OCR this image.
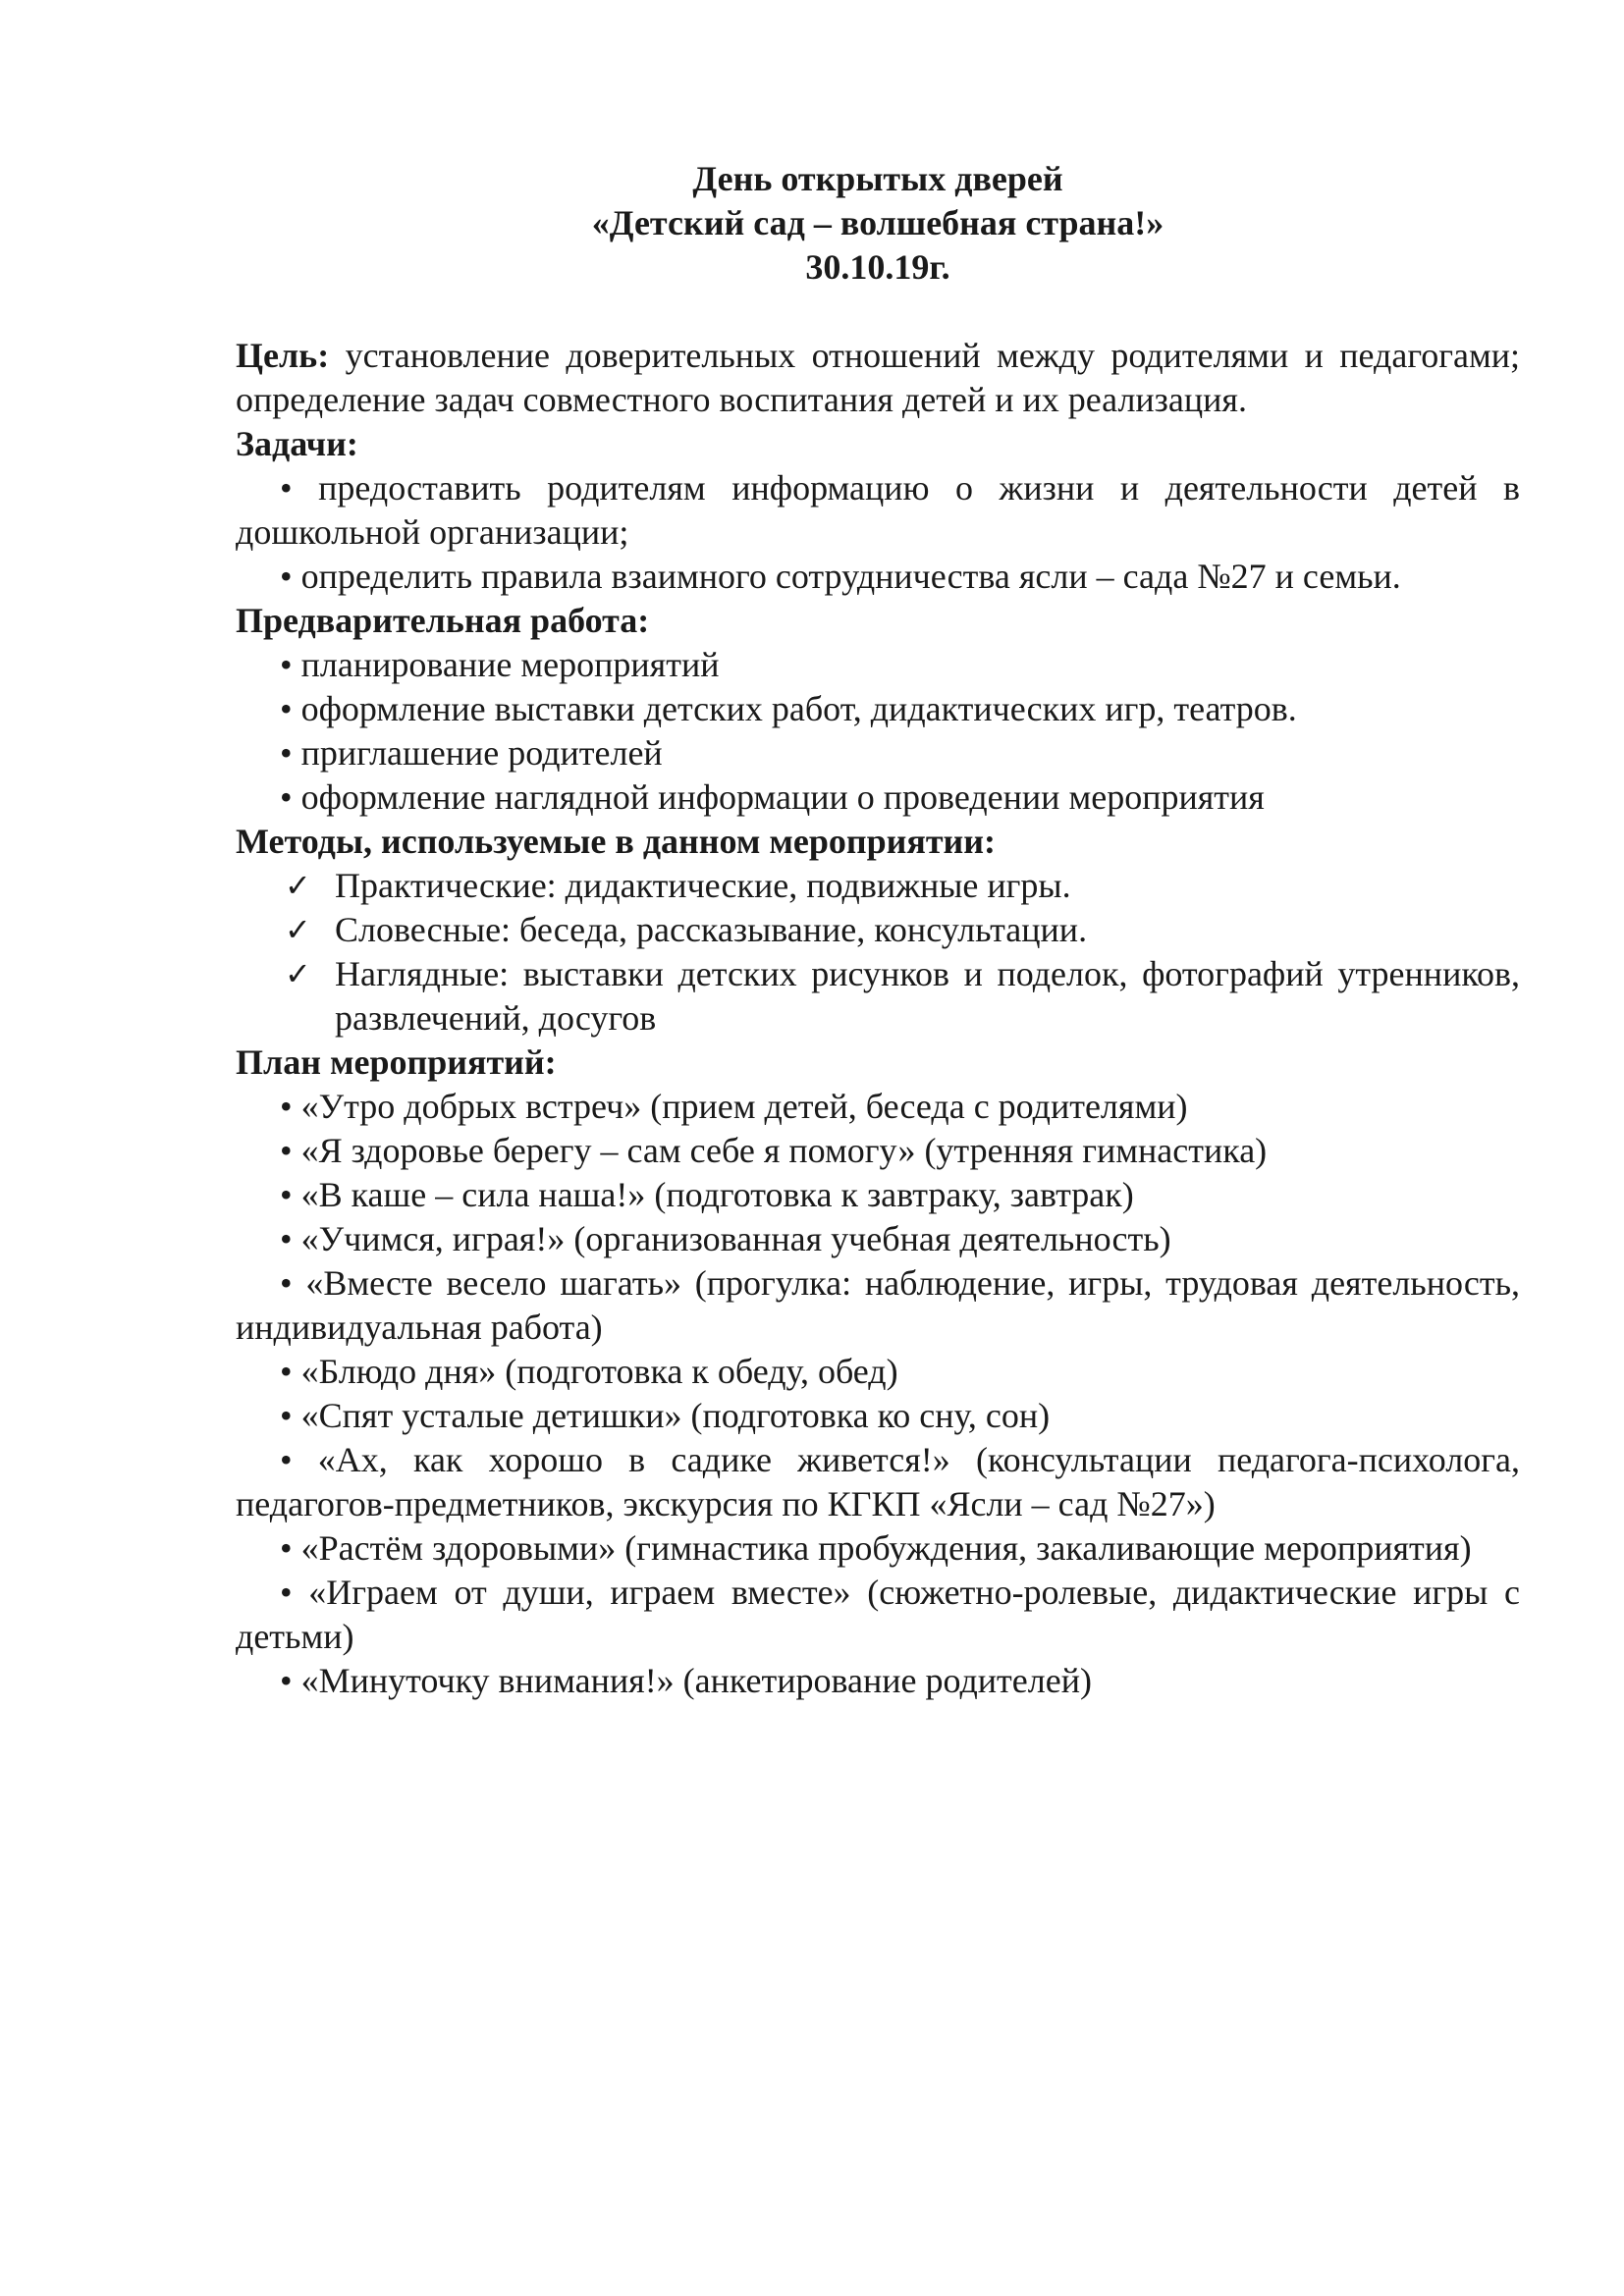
День открытых дверей
«Детский сад – волшебная страна!»
30.10.19г.
Цель: установление доверительных отношений между родителями и педагогами; определение задач совместного воспитания детей и их реализация.
Задачи:
• предоставить родителям информацию о жизни и деятельности детей в дошкольной организации;
• определить правила взаимного сотрудничества ясли – сада №27 и семьи.
Предварительная работа:
• планирование мероприятий
• оформление выставки детских работ, дидактических игр, театров.
• приглашение родителей
• оформление наглядной информации о проведении мероприятия
Методы, используемые в данном мероприятии:
✓ Практические: дидактические, подвижные игры.
✓ Словесные: беседа, рассказывание, консультации.
✓ Наглядные: выставки детских рисунков и поделок, фотографий утренников, развлечений, досугов
План мероприятий:
• «Утро добрых встреч» (прием детей, беседа с родителями)
• «Я здоровье берегу – сам себе я помогу» (утренняя гимнастика)
• «В каше – сила наша!» (подготовка к завтраку, завтрак)
• «Учимся, играя!» (организованная учебная деятельность)
• «Вместе весело шагать» (прогулка: наблюдение, игры, трудовая деятельность, индивидуальная работа)
• «Блюдо дня» (подготовка к обеду, обед)
• «Спят усталые детишки» (подготовка ко сну, сон)
• «Ах, как хорошо в садике живется!» (консультации педагога-психолога, педагогов-предметников, экскурсия по КГКП «Ясли – сад №27»)
• «Растём здоровыми» (гимнастика пробуждения, закаливающие мероприятия)
• «Играем от души, играем вместе» (сюжетно-ролевые, дидактические игры с детьми)
• «Минуточку внимания!» (анкетирование родителей)
